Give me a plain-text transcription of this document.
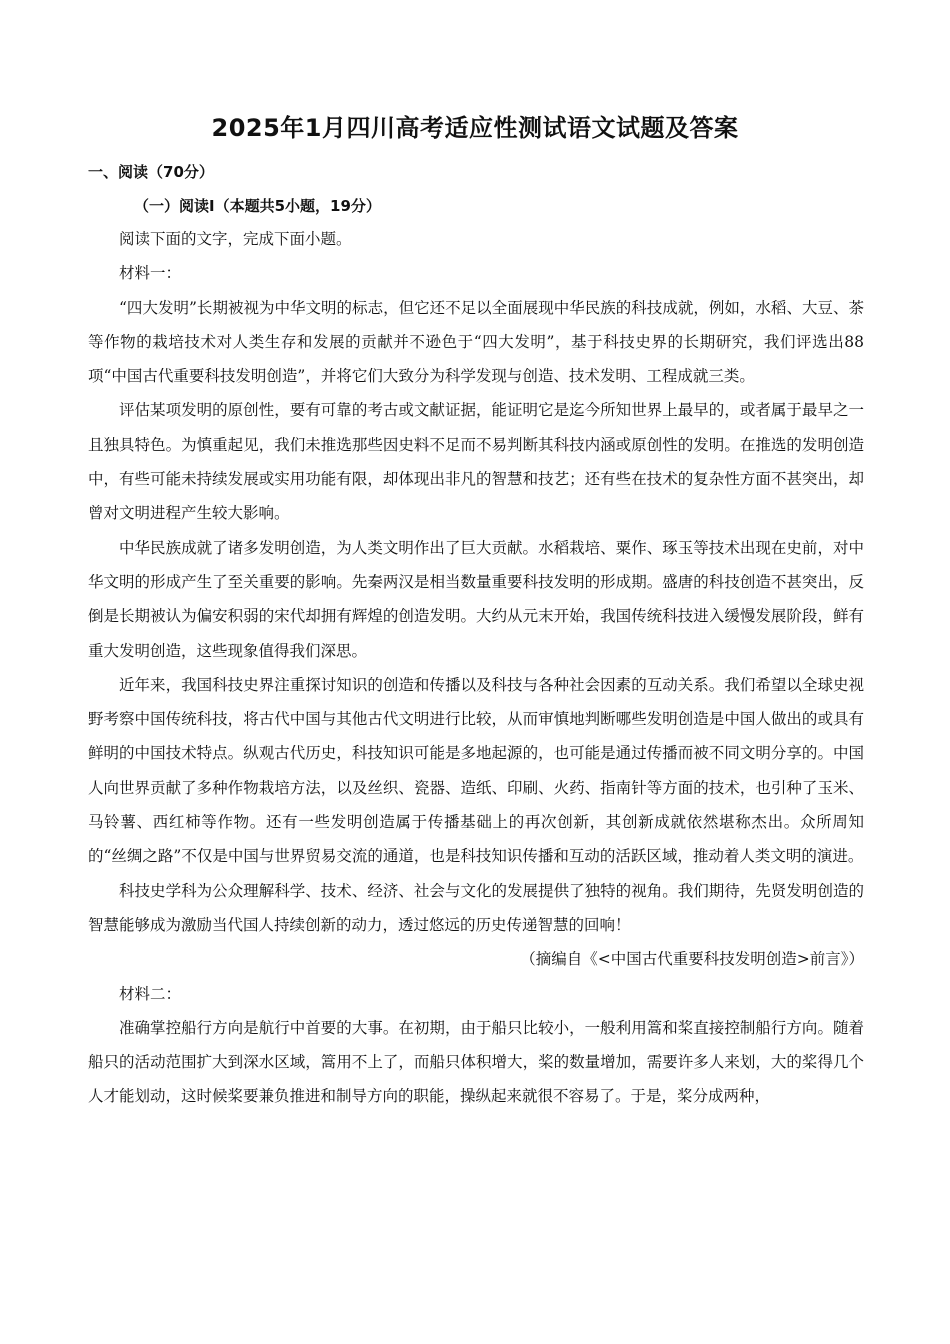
2025年1月四川高考适应性测试语文试题及答案
一、阅读（70分）
（一）阅读Ⅰ（本题共5小题，19分）

阅读下面的文字，完成下面小题。

材料一：

“四大发明”长期被视为中华文明的标志，但它还不足以全面展现中华民族的科技成就，例如，水稻、大豆、茶等作物的栽培技术对人类生存和发展的贡献并不逊色于“四大发明”，基于科技史界的长期研究，我们评选出88项“中国古代重要科技发明创造”，并将它们大致分为科学发现与创造、技术发明、工程成就三类。

评估某项发明的原创性，要有可靠的考古或文献证据，能证明它是迄今所知世界上最早的，或者属于最早之一且独具特色。为慎重起见，我们未推选那些因史料不足而不易判断其科技内涵或原创性的发明。在推选的发明创造中，有些可能未持续发展或实用功能有限，却体现出非凡的智慧和技艺；还有些在技术的复杂性方面不甚突出，却曾对文明进程产生较大影响。

中华民族成就了诸多发明创造，为人类文明作出了巨大贡献。水稻栽培、粟作、琢玉等技术出现在史前，对中华文明的形成产生了至关重要的影响。先秦两汉是相当数量重要科技发明的形成期。盛唐的科技创造不甚突出，反倒是长期被认为偏安积弱的宋代却拥有辉煌的创造发明。大约从元末开始，我国传统科技进入缓慢发展阶段，鲜有重大发明创造，这些现象值得我们深思。

近年来，我国科技史界注重探讨知识的创造和传播以及科技与各种社会因素的互动关系。我们希望以全球史视野考察中国传统科技，将古代中国与其他古代文明进行比较，从而审慎地判断哪些发明创造是中国人做出的或具有鲜明的中国技术特点。纵观古代历史，科技知识可能是多地起源的，也可能是通过传播而被不同文明分享的。中国人向世界贡献了多种作物栽培方法，以及丝织、瓷器、造纸、印刷、火药、指南针等方面的技术，也引种了玉米、马铃薯、西红柿等作物。还有一些发明创造属于传播基础上的再次创新，其创新成就依然堪称杰出。众所周知的“丝绸之路”不仅是中国与世界贸易交流的通道，也是科技知识传播和互动的活跃区域，推动着人类文明的演进。

科技史学科为公众理解科学、技术、经济、社会与文化的发展提供了独特的视角。我们期待，先贤发明创造的智慧能够成为激励当代国人持续创新的动力，透过悠远的历史传递智慧的回响！

（摘编自《<中国古代重要科技发明创造>前言》）

材料二：

准确掌控船行方向是航行中首要的大事。在初期，由于船只比较小，一般利用篙和桨直接控制船行方向。随着船只的活动范围扩大到深水区域，篙用不上了，而船只体积增大，桨的数量增加，需要许多人来划，大的桨得几个人才能划动，这时候桨要兼负推进和制导方向的职能，操纵起来就很不容易了。于是，桨分成两种，
